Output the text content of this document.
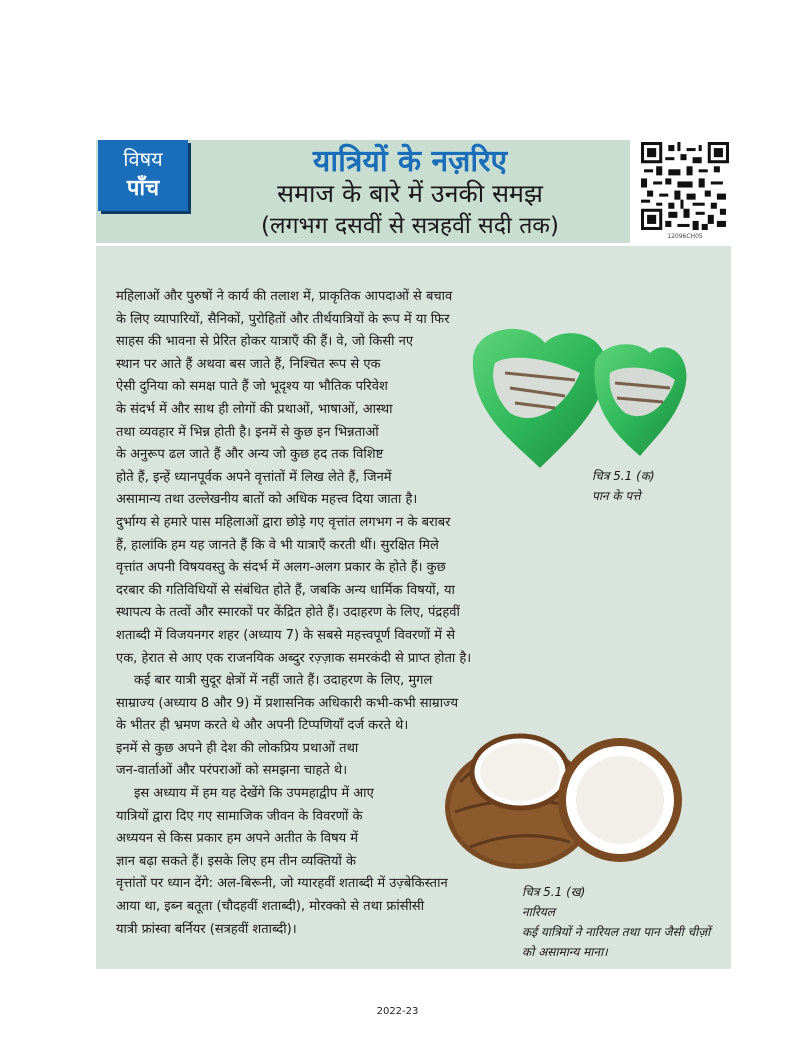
विषय
पाँच
यात्रियों के नज़रिए
समाज के बारे में उनकी समझ
(लगभग दसवीं से सत्रहवीं सदी तक)	12096CH05
महिलाओं और पुरुषों ने कार्य की तलाश में, प्राकृतिक आपदाओं से बचाव
के लिए व्यापारियों, सैनिकों, पुरोहितों और तीर्थयात्रियों के रूप में या फिर
साहस की भावना से प्रेरित होकर यात्राएँ की हैं। वे, जो किसी नए
स्थान पर आते हैं अथवा बस जाते हैं, निश्चित रूप से एक
ऐसी दुनिया को समक्ष पाते हैं जो भूदृश्य या भौतिक परिवेश
के संदर्भ में और साथ ही लोगों की प्रथाओं, भाषाओं, आस्था
तथा व्यवहार में भिन्न होती है। इनमें से कुछ इन भिन्नताओं
के अनुरूप ढल जाते हैं और अन्य जो कुछ हद तक विशिष्ट
होते हैं, इन्हें ध्यानपूर्वक अपने वृत्तांतों में लिख लेते हैं, जिनमें
असामान्य तथा उल्लेखनीय बातों को अधिक महत्त्व दिया जाता है।
दुर्भाग्य से हमारे पास महिलाओं द्वारा छोड़े गए वृत्तांत लगभग न के बराबर
हैं, हालांकि हम यह जानते हैं कि वे भी यात्राएँ करती थीं। सुरक्षित मिले
वृत्तांत अपनी विषयवस्तु के संदर्भ में अलग-अलग प्रकार के होते हैं। कुछ
दरबार की गतिविधियों से संबंधित होते हैं, जबकि अन्य धार्मिक विषयों, या
स्थापत्य के तत्वों और स्मारकों पर केंद्रित होते हैं। उदाहरण के लिए, पंद्रहवीं
शताब्दी में विजयनगर शहर (अध्याय 7) के सबसे महत्त्वपूर्ण विवरणों में से
एक, हेरात से आए एक राजनयिक अब्दुर रज़्ज़ाक समरकंदी से प्राप्त होता है।
कई बार यात्री सुदूर क्षेत्रों में नहीं जाते हैं। उदाहरण के लिए, मुगल
साम्राज्य (अध्याय 8 और 9) में प्रशासनिक अधिकारी कभी-कभी साम्राज्य
के भीतर ही भ्रमण करते थे और अपनी टिप्पणियाँ दर्ज करते थे।
इनमें से कुछ अपने ही देश की लोकप्रिय प्रथाओं तथा
जन-वार्ताओं और परंपराओं को समझना चाहते थे।
इस अध्याय में हम यह देखेंगे कि उपमहाद्वीप में आए
यात्रियों द्वारा दिए गए सामाजिक जीवन के विवरणों के
अध्ययन से किस प्रकार हम अपने अतीत के विषय में
ज्ञान बढ़ा सकते हैं। इसके लिए हम तीन व्यक्तियों के
वृत्तांतों पर ध्यान देंगे: अल-बिरूनी, जो ग्यारहवीं शताब्दी में उज़्बेकिस्तान
आया था, इब्न बतूता (चौदहवीं शताब्दी), मोरक्को से तथा फ्रांसीसी
यात्री फ्रांस्वा बर्नियर (सत्रहवीं शताब्दी)।
चित्र 5.1 (क)
पान के पत्ते
चित्र 5.1 (ख)
नारियल
कई यात्रियों ने नारियल तथा पान जैसी चीज़ों को असामान्य माना।
2022-23
